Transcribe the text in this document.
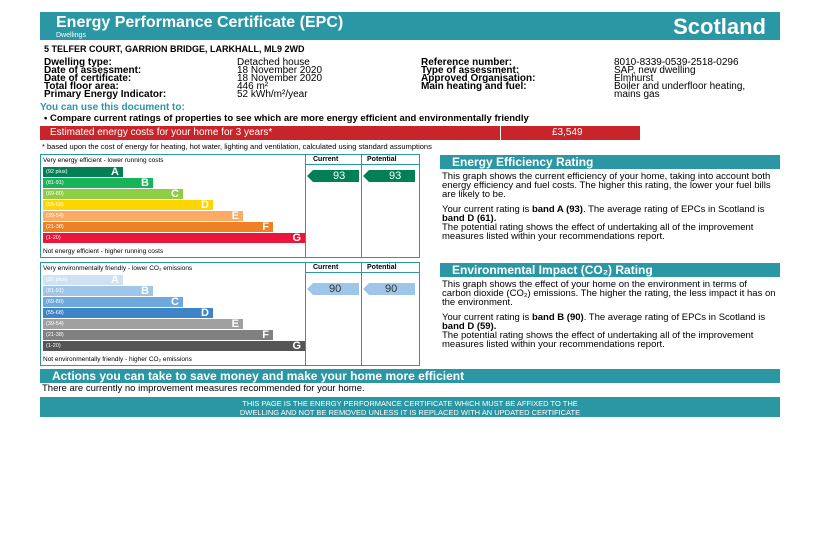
Energy Performance Certificate (EPC)
Dwellings	Scotland
5 TELFER COURT, GARRION BRIDGE, LARKHALL, ML9 2WD
Dwelling type:	Detached house
Date of assessment:	18 November 2020
Date of certificate:	18 November 2020
Total floor area:	446 m²
Primary Energy Indicator:	52 kWh/m²/year
Reference number:	8010-8339-0539-2518-0296
Type of assessment:	SAP, new dwelling
Approved Organisation:	Elmhurst
Main heating and fuel:	Boiler and underfloor heating,
mains gas
You can use this document to:
• Compare current ratings of properties to see which are more energy efficient and environmentally friendly
Estimated energy costs for your home for 3 years*	£3,549
* based upon the cost of energy for heating, hot water, lighting and ventilation, calculated using standard assumptions
Very energy efficient - lower running costs
Not energy efficient - higher running costs
Current	Potential
(92 plus)	A
(81-91)	B
(69-80)	C
(55-68)	D
(39-54)	E
(21-38)	F
(1-20)	G
93	93
Very environmentally friendly - lower CO₂ emissions
Not environmentally friendly - higher CO₂ emissions
Current	Potential
(92 plus)	A
(81-91)	B
(69-80)	C
(55-68)	D
(39-54)	E
(21-38)	F
(1-20)	G
90	90
Energy Efficiency Rating
This graph shows the current efficiency of your home, taking into account both energy efficiency and fuel costs. The higher this rating, the lower your fuel bills are likely to be.
Your current rating is band A (93). The average rating of EPCs in Scotland is band D (61).
The potential rating shows the effect of undertaking all of the improvement measures listed within your recommendations report.
Environmental Impact (CO₂) Rating
This graph shows the effect of your home on the environment in terms of carbon dioxide (CO₂) emissions. The higher the rating, the less impact it has on the environment.
Your current rating is band B (90). The average rating of EPCs in Scotland is band D (59).
The potential rating shows the effect of undertaking all of the improvement measures listed within your recommendations report.
Actions you can take to save money and make your home more efficient
There are currently no improvement measures recommended for your home.
THIS PAGE IS THE ENERGY PERFORMANCE CERTIFICATE WHICH MUST BE AFFIXED TO THE
DWELLING AND NOT BE REMOVED UNLESS IT IS REPLACED WITH AN UPDATED CERTIFICATE
